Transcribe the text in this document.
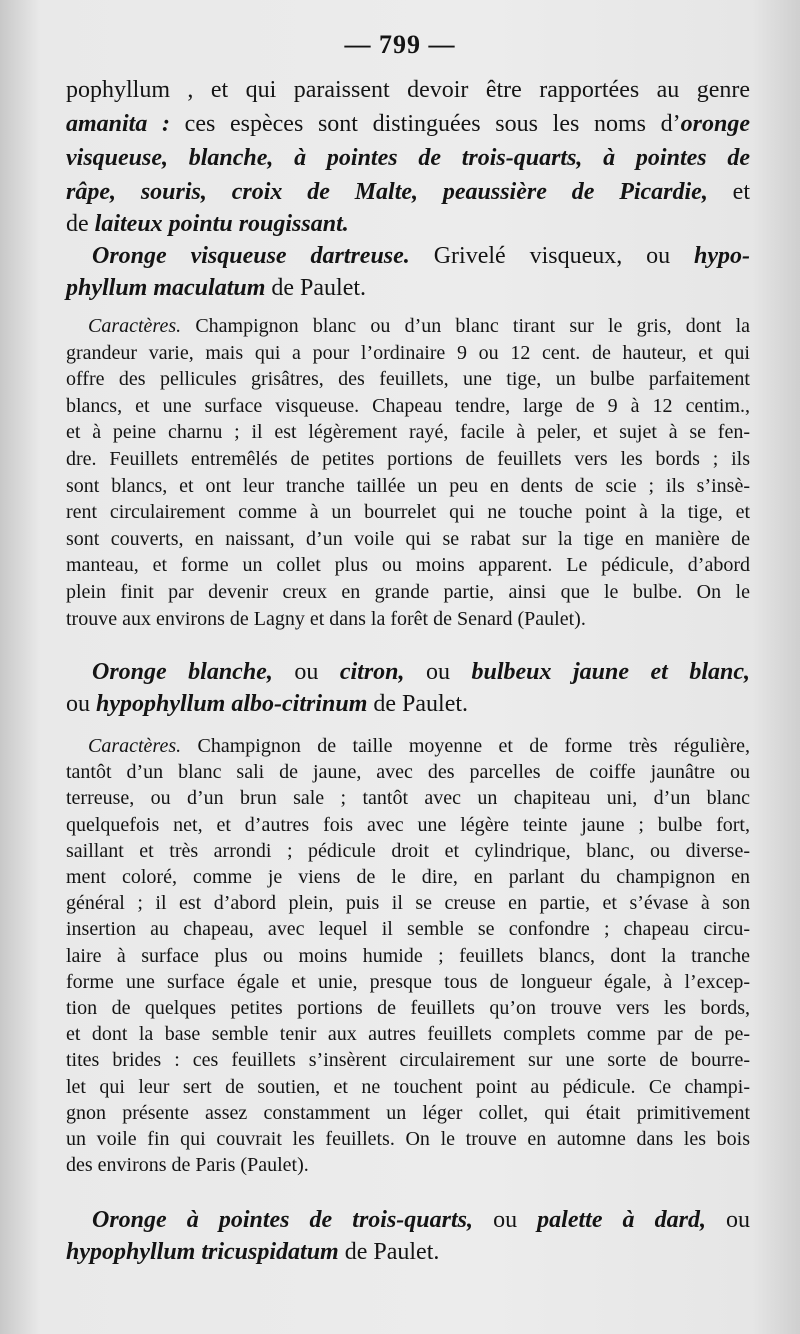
— 799 —
pophyllum , et qui paraissent devoir être rapportées au genre
amanita : ces espèces sont distinguées sous les noms d’oronge
visqueuse, blanche, à pointes de trois-quarts, à pointes de
râpe, souris, croix de Malte, peaussière de Picardie, et
de laiteux pointu rougissant.
Oronge visqueuse dartreuse. Grivelé visqueux, ou hypo-
phyllum maculatum de Paulet.
Caractères. Champignon blanc ou d’un blanc tirant sur le gris, dont la
grandeur varie, mais qui a pour l’ordinaire 9 ou 12 cent. de hauteur, et qui
offre des pellicules grisâtres, des feuillets, une tige, un bulbe parfaitement
blancs, et une surface visqueuse. Chapeau tendre, large de 9 à 12 centim.,
et à peine charnu ; il est légèrement rayé, facile à peler, et sujet à se fen-
dre. Feuillets entremêlés de petites portions de feuillets vers les bords ; ils
sont blancs, et ont leur tranche taillée un peu en dents de scie ; ils s’insè-
rent circulairement comme à un bourrelet qui ne touche point à la tige, et
sont couverts, en naissant, d’un voile qui se rabat sur la tige en manière de
manteau, et forme un collet plus ou moins apparent. Le pédicule, d’abord
plein finit par devenir creux en grande partie, ainsi que le bulbe. On le
trouve aux environs de Lagny et dans la forêt de Senard (Paulet).
Oronge blanche, ou citron, ou bulbeux jaune et blanc,
ou hypophyllum albo-citrinum de Paulet.
Caractères. Champignon de taille moyenne et de forme très régulière,
tantôt d’un blanc sali de jaune, avec des parcelles de coiffe jaunâtre ou
terreuse, ou d’un brun sale ; tantôt avec un chapiteau uni, d’un blanc
quelquefois net, et d’autres fois avec une légère teinte jaune ; bulbe fort,
saillant et très arrondi ; pédicule droit et cylindrique, blanc, ou diverse-
ment coloré, comme je viens de le dire, en parlant du champignon en
général ; il est d’abord plein, puis il se creuse en partie, et s’évase à son
insertion au chapeau, avec lequel il semble se confondre ; chapeau circu-
laire à surface plus ou moins humide ; feuillets blancs, dont la tranche
forme une surface égale et unie, presque tous de longueur égale, à l’excep-
tion de quelques petites portions de feuillets qu’on trouve vers les bords,
et dont la base semble tenir aux autres feuillets complets comme par de pe-
tites brides : ces feuillets s’insèrent circulairement sur une sorte de bourre-
let qui leur sert de soutien, et ne touchent point au pédicule. Ce champi-
gnon présente assez constamment un léger collet, qui était primitivement
un voile fin qui couvrait les feuillets. On le trouve en automne dans les bois
des environs de Paris (Paulet).
Oronge à pointes de trois-quarts, ou palette à dard, ou
hypophyllum tricuspidatum de Paulet.
